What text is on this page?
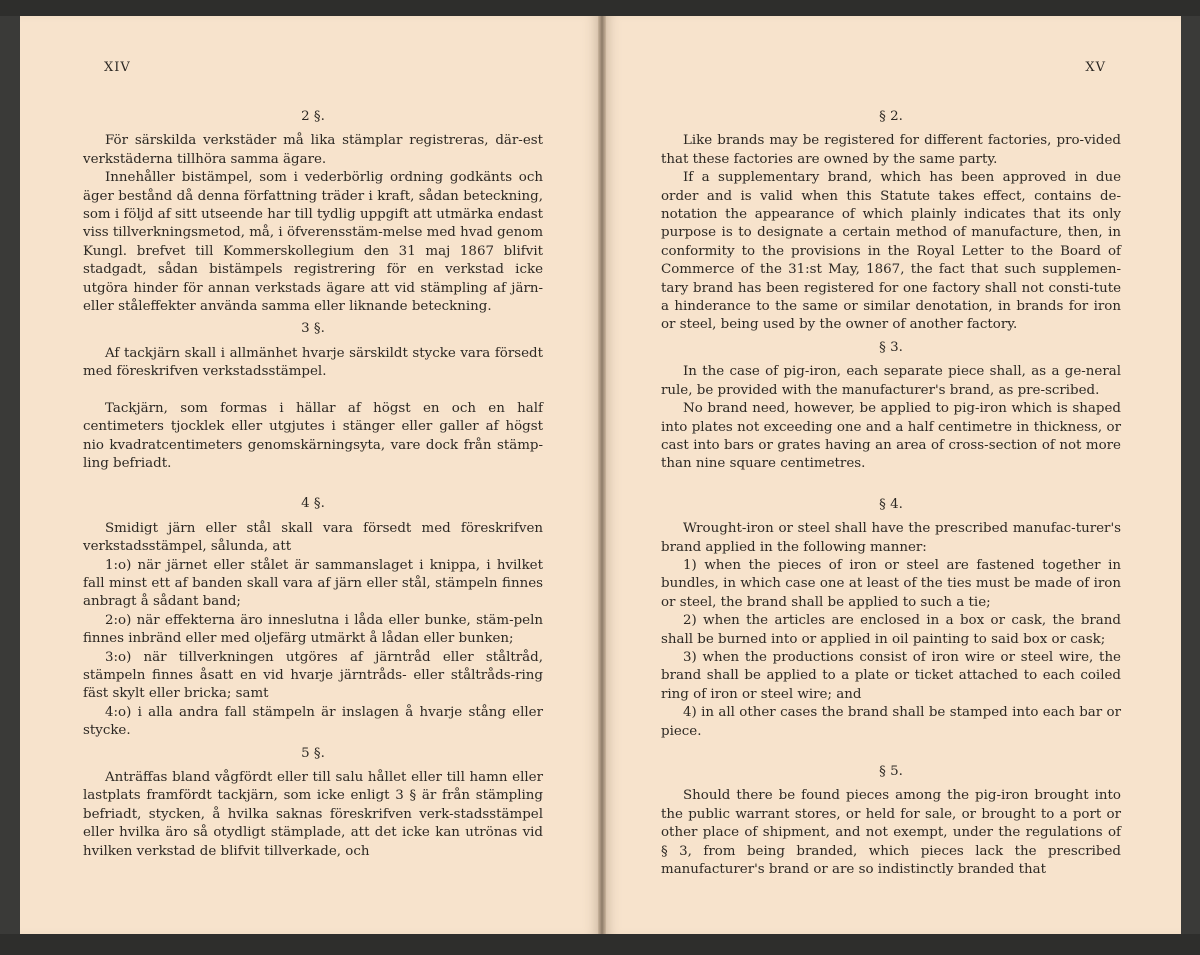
XIV
2 §.

För särskilda verkstäder må lika stämplar registreras, där-est verkstäderna tillhöra samma ägare.

Innehåller bistämpel, som i vederbörlig ordning godkänts och äger bestånd då denna författning träder i kraft, sådan beteckning, som i följd af sitt utseende har till tydlig uppgift att utmärka endast viss tillverkningsmetod, må, i öfverensstäm-melse med hvad genom Kungl. brefvet till Kommerskollegium den 31 maj 1867 blifvit stadgadt, sådan bistämpels registrering för en verkstad icke utgöra hinder för annan verkstads ägare att vid stämpling af järn- eller ståleffekter använda samma eller liknande beteckning.

3 §.

Af tackjärn skall i allmänhet hvarje särskildt stycke vara försedt med föreskrifven verkstadsstämpel.

Tackjärn, som formas i hällar af högst en och en half centimeters tjocklek eller utgjutes i stänger eller galler af högst nio kvadratcentimeters genomskärningsyta, vare dock från stämp-ling befriadt.

4 §.

Smidigt järn eller stål skall vara försedt med föreskrifven verkstadsstämpel, sålunda, att

1:o) när järnet eller stålet är sammanslaget i knippa, i hvilket fall minst ett af banden skall vara af järn eller stål, stämpeln finnes anbragt å sådant band;

2:o) när effekterna äro inneslutna i låda eller bunke, stäm-peln finnes inbränd eller med oljefärg utmärkt å lådan eller bunken;

3:o) när tillverkningen utgöres af järntråd eller ståltråd, stämpeln finnes åsatt en vid hvarje järntråds- eller ståltråds-ring fäst skylt eller bricka; samt

4:o) i alla andra fall stämpeln är inslagen å hvarje stång eller stycke.

5 §.

Anträffas bland vågfördt eller till salu hållet eller till hamn eller lastplats framfördt tackjärn, som icke enligt 3 § är från stämpling befriadt, stycken, å hvilka saknas föreskrifven verk-stadsstämpel eller hvilka äro så otydligt stämplade, att det icke kan utrönas vid hvilken verkstad de blifvit tillverkade, och

XV
§ 2.

Like brands may be registered for different factories, pro-vided that these factories are owned by the same party.

If a supplementary brand, which has been approved in due order and is valid when this Statute takes effect, contains de-notation the appearance of which plainly indicates that its only purpose is to designate a certain method of manufacture, then, in conformity to the provisions in the Royal Letter to the Board of Commerce of the 31:st May, 1867, the fact that such supplemen-tary brand has been registered for one factory shall not consti-tute a hinderance to the same or similar denotation, in brands for iron or steel, being used by the owner of another factory.

§ 3.

In the case of pig-iron, each separate piece shall, as a ge-neral rule, be provided with the manufacturer's brand, as pre-scribed.

No brand need, however, be applied to pig-iron which is shaped into plates not exceeding one and a half centimetre in thickness, or cast into bars or grates having an area of cross-section of not more than nine square centimetres.

§ 4.

Wrought-iron or steel shall have the prescribed manufac-turer's brand applied in the following manner:

1) when the pieces of iron or steel are fastened together in bundles, in which case one at least of the ties must be made of iron or steel, the brand shall be applied to such a tie;

2) when the articles are enclosed in a box or cask, the brand shall be burned into or applied in oil painting to said box or cask;

3) when the productions consist of iron wire or steel wire, the brand shall be applied to a plate or ticket attached to each coiled ring of iron or steel wire; and

4) in all other cases the brand shall be stamped into each bar or piece.

§ 5.

Should there be found pieces among the pig-iron brought into the public warrant stores, or held for sale, or brought to a port or other place of shipment, and not exempt, under the regulations of § 3, from being branded, which pieces lack the prescribed manufacturer's brand or are so indistinctly branded that
